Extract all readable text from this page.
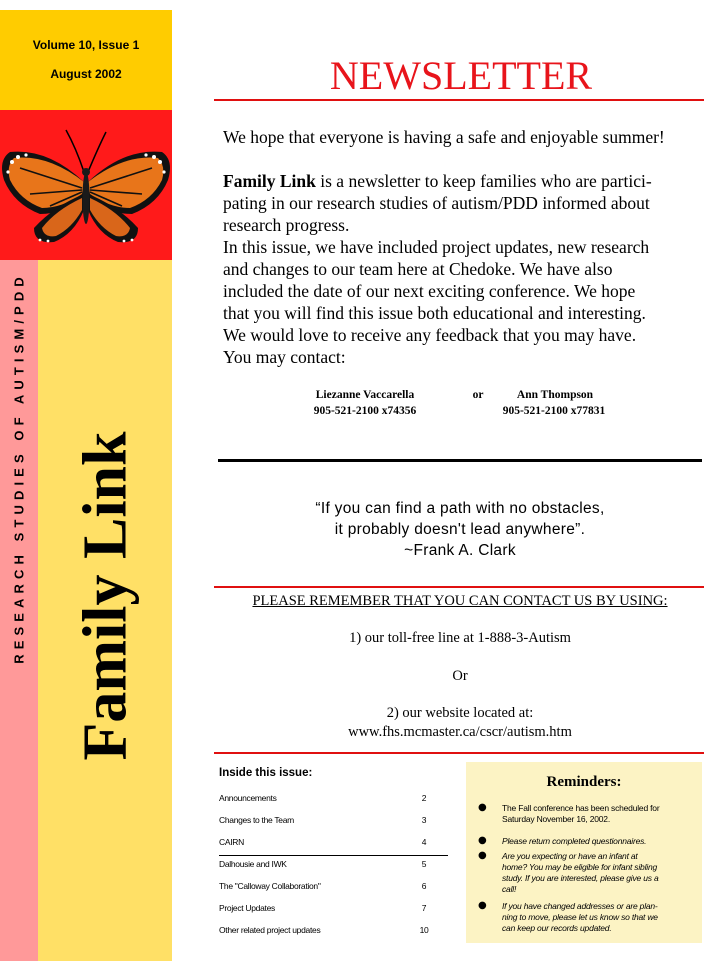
Volume 10, Issue 1
August 2002
RESEARCH STUDIES OF AUTISM/PDD Family Link
NEWSLETTER
We hope that everyone is having a safe and enjoyable summer!
Family Link is a newsletter to keep families who are partici-
pating in our research studies of autism/PDD informed about
research progress.
In this issue, we have included project updates, new research
and changes to our team here at Chedoke. We have also
included the date of our next exciting conference. We hope
that you will find this issue both educational and interesting.
We would love to receive any feedback that you may have.
You may contact:
Liezanne Vaccarella	or	Ann Thompson
905-521-2100 x74356	905-521-2100 x77831
“If you can find a path with no obstacles,
it probably doesn't lead anywhere”.
~Frank A. Clark
PLEASE REMEMBER THAT YOU CAN CONTACT US BY USING:
1) our toll-free line at 1-888-3-Autism
Or
2) our website located at:
www.fhs.mcmaster.ca/cscr/autism.htm
Inside this issue:
Announcements	2
Changes to the Team	3
CAIRN	4
Dalhousie and IWK	5
The "Calloway Collaboration"	6
Project Updates	7
Other related project updates	10
Reminders:
● The Fall conference has been scheduled for
Saturday November 16, 2002.
● Please return completed questionnaires.
● Are you expecting or have an infant at
home? You may be eligible for infant sibling
study. If you are interested, please give us a
call!
● If you have changed addresses or are plan-
ning to move, please let us know so that we
can keep our records updated.
